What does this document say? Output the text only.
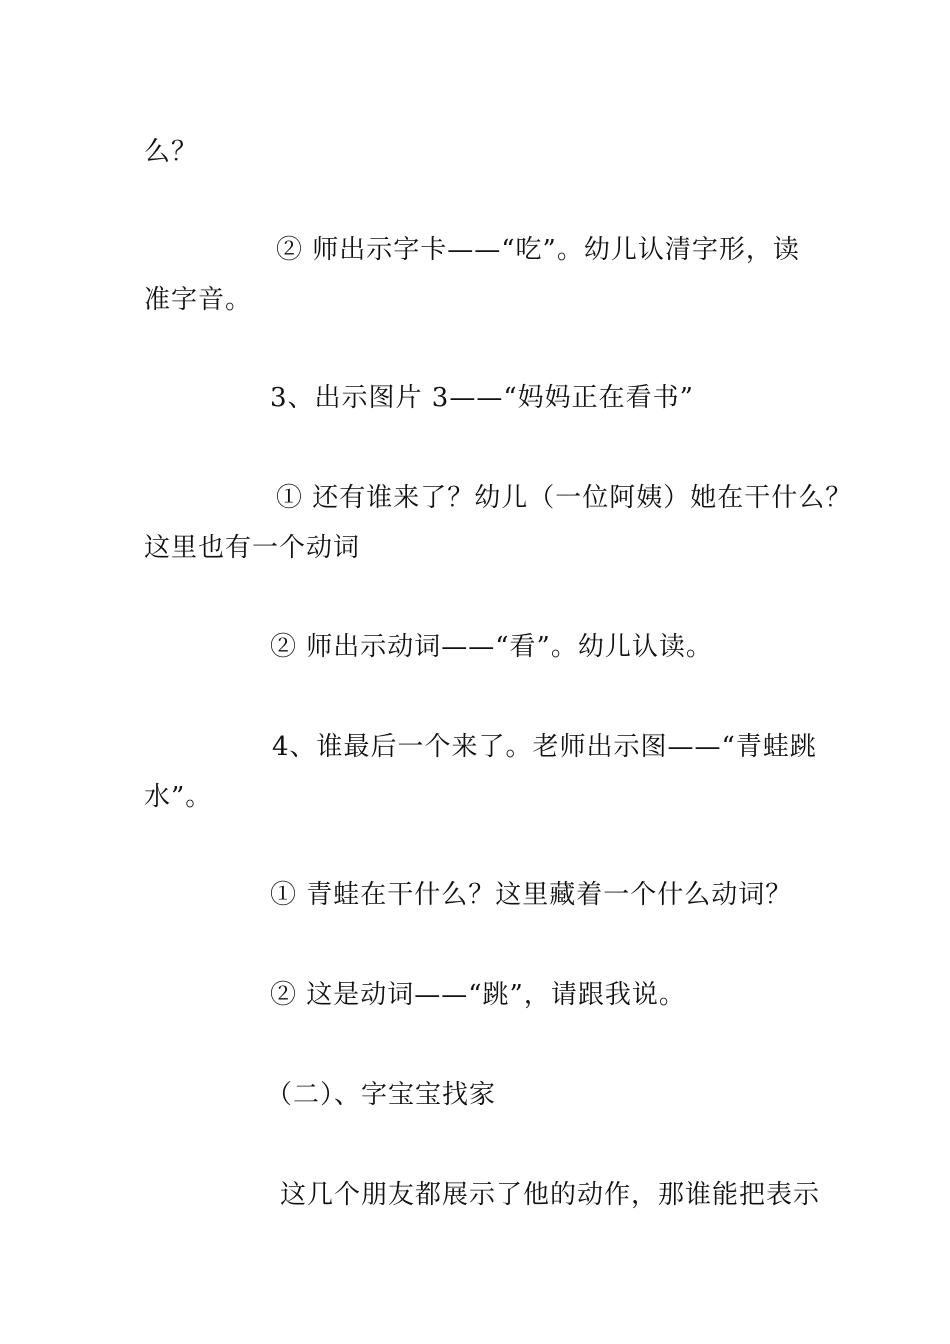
么？
② 师出示字卡——“吃”。幼儿认清字形，读
准字音。
3、出示图片 3——“妈妈正在看书”
① 还有谁来了？幼儿（一位阿姨）她在干什么？
这里也有一个动词
② 师出示动词——“看”。幼儿认读。
4、谁最后一个来了。老师出示图——“青蛙跳
水”。
① 青蛙在干什么？这里藏着一个什么动词？
② 这是动词——“跳”，请跟我说。
（二）、字宝宝找家
这几个朋友都展示了他的动作，那谁能把表示
